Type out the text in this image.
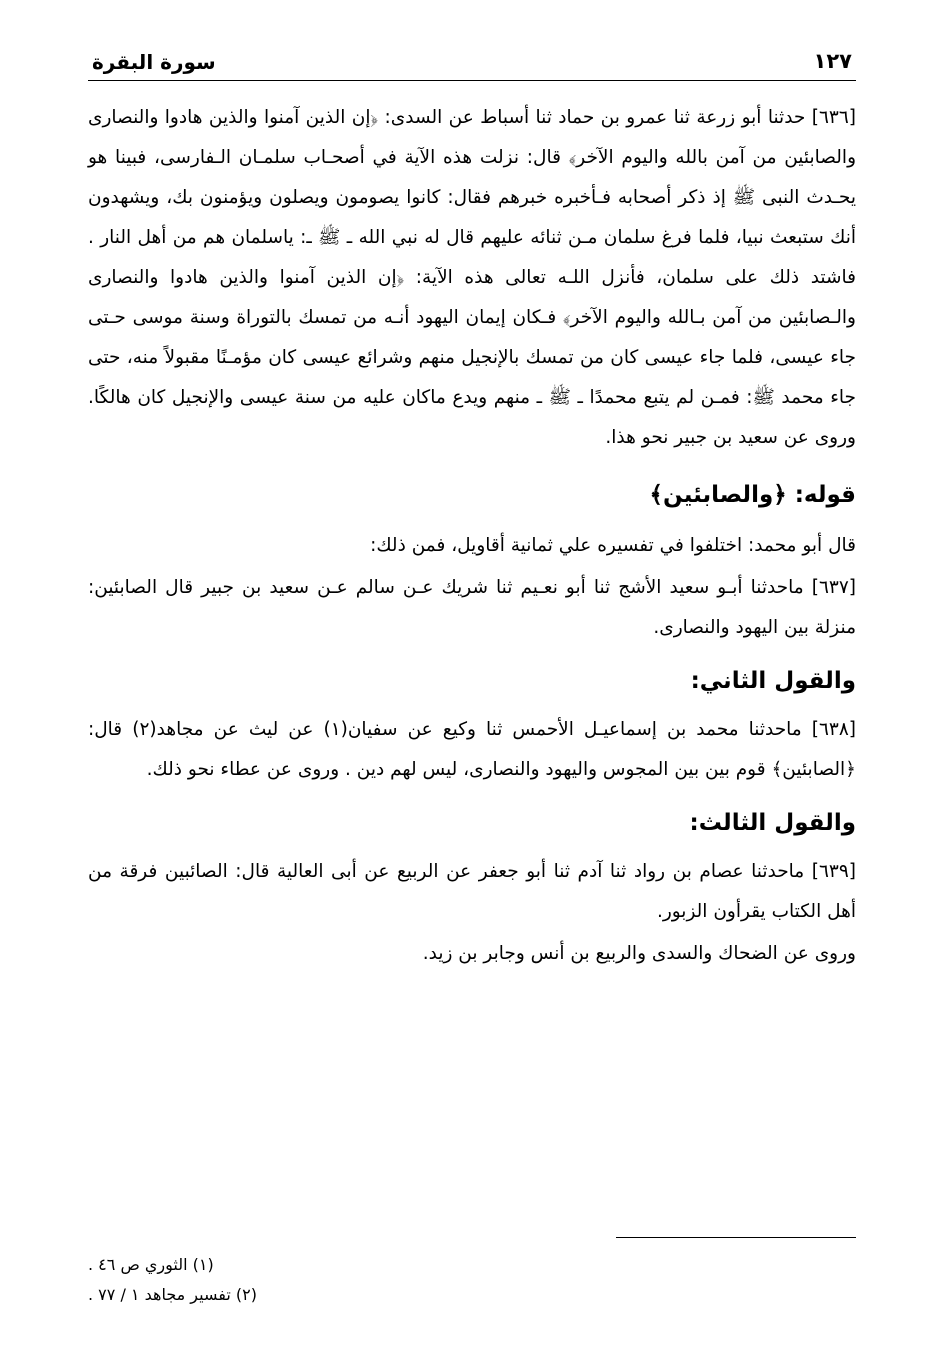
سورة البقرة	١٢٧

[٦٣٦] حدثنا أبو زرعة ثنا عمرو بن حماد ثنا أسباط عن السدى: ﴿إن الذين آمنوا والذين هادوا والنصارى والصابئين من آمن بالله واليوم الآخر﴾ قال: نزلت هذه الآية في أصحـاب سلمـان الـفارسى، فبينا هو يحـدث النبى ﷺ إذ ذكر أصحابه فـأخبره خبرهم فقال: كانوا يصومون ويصلون ويؤمنون بك، ويشهدون أنك ستبعث نبيا، فلما فرغ سلمان مـن ثنائه عليهم قال له نبي الله ـ ﷺ ـ: ياسلمان هم من أهل النار . فاشتد ذلك على سلمان، فأنزل اللـه تعالى هذه الآية: ﴿إن الذين آمنوا والذين هادوا والنصارى والـصابئين من آمن بـالله واليوم الآخر﴾ فـكان إيمان اليهود أنـه من تمسك بالتوراة وسنة موسى حـتى جاء عيسى، فلما جاء عيسى كان من تمسك بالإنجيل منهم وشرائع عيسى كان مؤمـنًا مقبولاً منه، حتى جاء محمد ﷺ: فمـن لم يتبع محمدًا ـ ﷺ ـ منهم ويدع ماكان عليه من سنة عيسى والإنجيل كان هالكًا. وروى عن سعيد بن جبير نحو هذا.

قوله: ﴿والصابئين﴾

قال أبو محمد: اختلفوا في تفسيره علي ثمانية أقاويل، فمن ذلك:

[٦٣٧] ماحدثنا أبـو سعيد الأشج ثنا أبو نعـيم ثنا شريك عـن سالم عـن سعيد بن جبير قال الصابئين: منزلة بين اليهود والنصارى.

والقول الثاني:

[٦٣٨] ماحدثنا محمد بن إسماعيـل الأحمس ثنا وكيع عن سفيان(١) عن ليث عن مجاهد(٢) قال: ﴿الصابئين﴾ قوم بين بين المجوس واليهود والنصارى، ليس لهم دين . وروى عن عطاء نحو ذلك.

والقول الثالث:

[٦٣٩] ماحدثنا عصام بن رواد ثنا آدم ثنا أبو جعفر عن الربيع عن أبى العالية قال: الصائبين فرقة من أهل الكتاب يقرأون الزبور.

وروى عن الضحاك والسدى والربيع بن أنس وجابر بن زيد.

(١) الثوري ص ٤٦ .

(٢) تفسير مجاهد ١ / ٧٧ .
